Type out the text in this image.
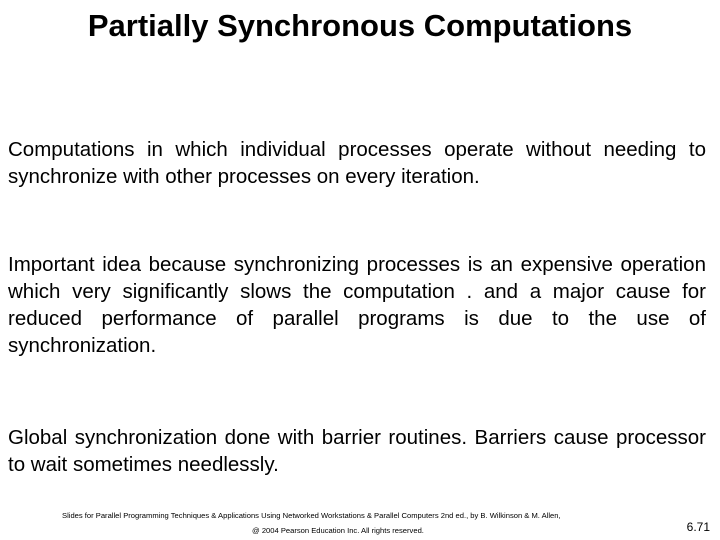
Partially Synchronous Computations

Computations in which individual processes operate without needing to synchronize with other processes on every iteration.

Important idea because synchronizing processes is an expensive operation which very significantly slows the computation . and a major cause for reduced performance of parallel programs is due to the use of synchronization.

Global synchronization done with barrier routines. Barriers cause processor to wait sometimes needlessly.

Slides for Parallel Programming Techniques & Applications Using Networked Workstations & Parallel Computers 2nd ed., by B. Wilkinson & M. Allen,

@ 2004 Pearson Education Inc. All rights reserved.	6.71
